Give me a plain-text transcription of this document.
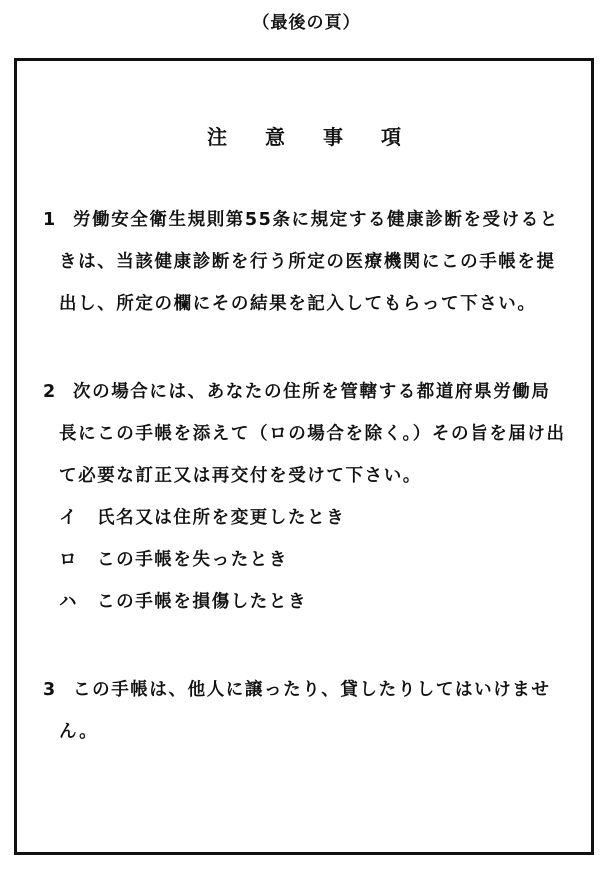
（最後の頁）
注意事項
1 労働安全衛生規則第55条に規定する健康診断を受けると
きは、当該健康診断を行う所定の医療機関にこの手帳を提
出し、所定の欄にその結果を記入してもらって下さい。
2 次の場合には、あなたの住所を管轄する都道府県労働局
長にこの手帳を添えて（ロの場合を除く。）その旨を届け出
て必要な訂正又は再交付を受けて下さい。
イ 氏名又は住所を変更したとき
ロ この手帳を失ったとき
ハ この手帳を損傷したとき
3 この手帳は、他人に譲ったり、貸したりしてはいけませ
ん。
